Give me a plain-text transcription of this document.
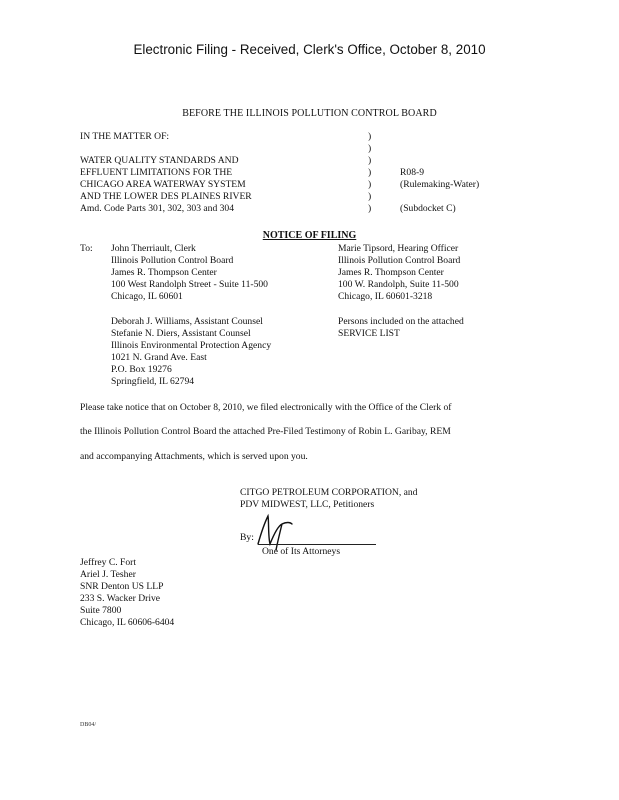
Electronic Filing - Received, Clerk's Office, October 8, 2010
BEFORE THE ILLINOIS POLLUTION CONTROL BOARD
IN THE MATTER OF:
WATER QUALITY STANDARDS AND
EFFLUENT LIMITATIONS FOR THE
CHICAGO AREA WATERWAY SYSTEM
AND THE LOWER DES PLAINES RIVER
Amd. Code Parts 301, 302, 303 and 304
)
)
)
)
)
)
)
R08-9
(Rulemaking-Water)
(Subdocket C)
NOTICE OF FILING
To: John Therriault, Clerk
Illinois Pollution Control Board
James R. Thompson Center
100 West Randolph Street - Suite 11-500
Chicago, IL 60601
Marie Tipsord, Hearing Officer
Illinois Pollution Control Board
James R. Thompson Center
100 W. Randolph, Suite 11-500
Chicago, IL 60601-3218
Deborah J. Williams, Assistant Counsel
Stefanie N. Diers, Assistant Counsel
Illinois Environmental Protection Agency
1021 N. Grand Ave. East
P.O. Box 19276
Springfield, IL 62794
Persons included on the attached
SERVICE LIST
Please take notice that on October 8, 2010, we filed electronically with the Office of the Clerk of
the Illinois Pollution Control Board the attached Pre-Filed Testimony of Robin L. Garibay, REM
and accompanying Attachments, which is served upon you.
CITGO PETROLEUM CORPORATION, and
PDV MIDWEST, LLC, Petitioners
By:
One of Its Attorneys
Jeffrey C. Fort
Ariel J. Tesher
SNR Denton US LLP
233 S. Wacker Drive
Suite 7800
Chicago, IL 60606-6404
DB04/
